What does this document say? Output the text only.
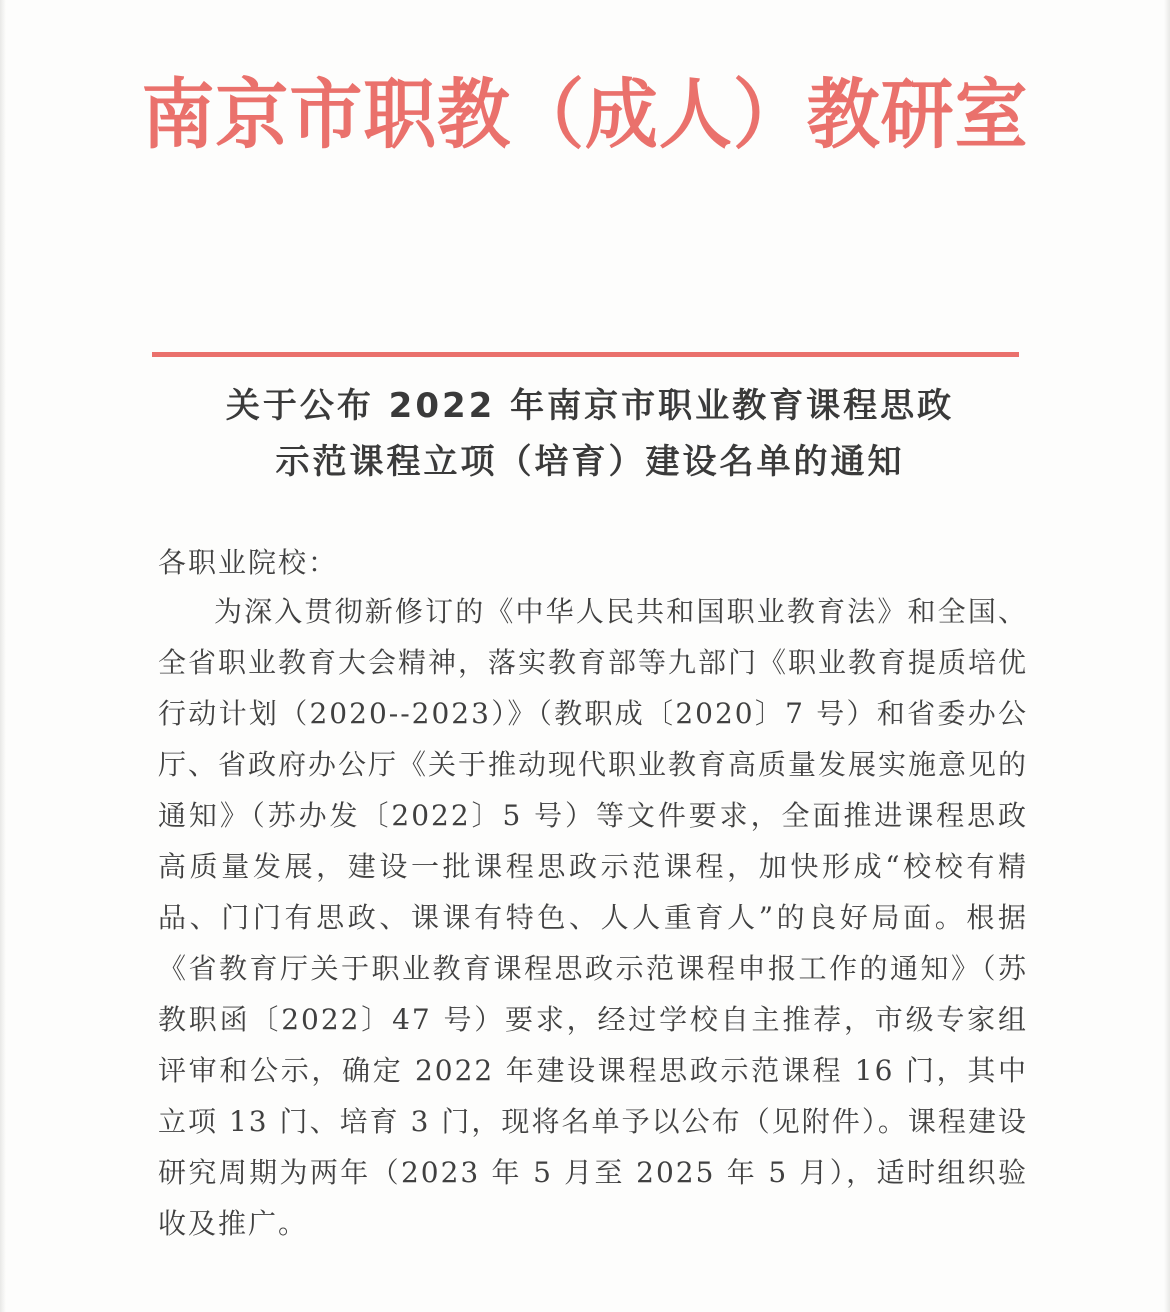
南京市职教（成人）教研室
关于公布 2022 年南京市职业教育课程思政
示范课程立项（培育）建设名单的通知

各职业院校：

为深入贯彻新修订的《中华人民共和国职业教育法》和全国、全省职业教育大会精神，落实教育部等九部门《职业教育提质培优行动计划（2020--2023）》（教职成〔2020〕7 号）和省委办公厅、省政府办公厅《关于推动现代职业教育高质量发展实施意见的通知》（苏办发〔2022〕5 号）等文件要求，全面推进课程思政高质量发展，建设一批课程思政示范课程，加快形成“校校有精品、门门有思政、课课有特色、人人重育人”的良好局面。根据《省教育厅关于职业教育课程思政示范课程申报工作的通知》（苏教职函〔2022〕47 号）要求，经过学校自主推荐，市级专家组评审和公示，确定 2022 年建设课程思政示范课程 16 门，其中立项 13 门、培育 3 门，现将名单予以公布（见附件）。课程建设研究周期为两年（2023 年 5 月至 2025 年 5 月），适时组织验收及推广。
